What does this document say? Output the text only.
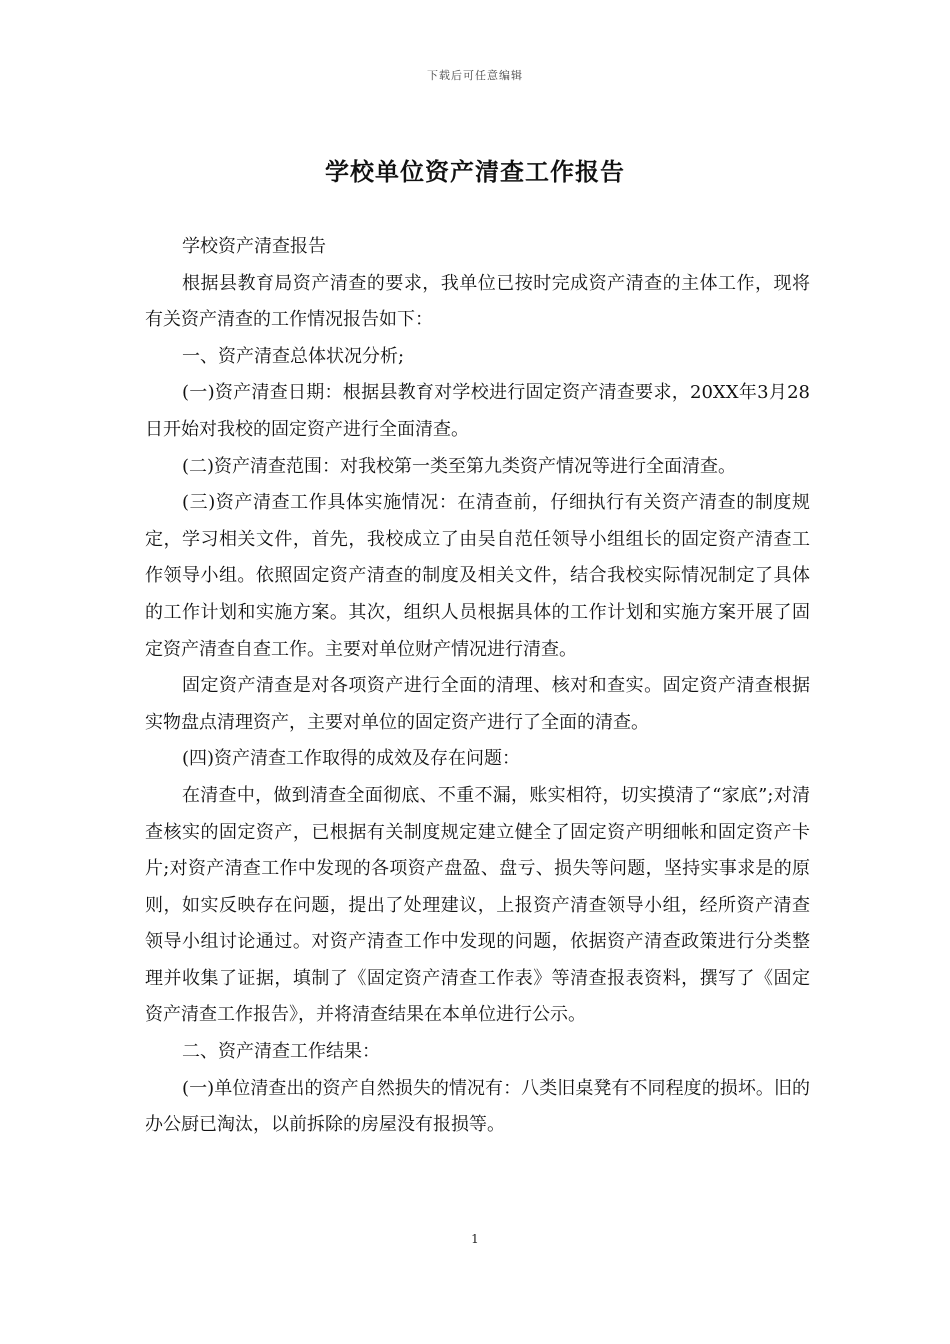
下载后可任意编辑
学校单位资产清查工作报告

学校资产清查报告

根据县教育局资产清查的要求，我单位已按时完成资产清查的主体工作，现将有关资产清查的工作情况报告如下：

一、资产清查总体状况分析;

(一)资产清查日期：根据县教育对学校进行固定资产清查要求，20XX年3月28日开始对我校的固定资产进行全面清查。

(二)资产清查范围：对我校第一类至第九类资产情况等进行全面清查。

(三)资产清查工作具体实施情况：在清查前，仔细执行有关资产清查的制度规定，学习相关文件，首先，我校成立了由吴自范任领导小组组长的固定资产清查工作领导小组。依照固定资产清查的制度及相关文件，结合我校实际情况制定了具体的工作计划和实施方案。其次，组织人员根据具体的工作计划和实施方案开展了固定资产清查自查工作。主要对单位财产情况进行清查。

固定资产清查是对各项资产进行全面的清理、核对和查实。固定资产清查根据实物盘点清理资产，主要对单位的固定资产进行了全面的清查。

(四)资产清查工作取得的成效及存在问题：

在清查中，做到清查全面彻底、不重不漏，账实相符，切实摸清了“家底”;对清查核实的固定资产，已根据有关制度规定建立健全了固定资产明细帐和固定资产卡片;对资产清查工作中发现的各项资产盘盈、盘亏、损失等问题，坚持实事求是的原则，如实反映存在问题，提出了处理建议，上报资产清查领导小组，经所资产清查领导小组讨论通过。对资产清查工作中发现的问题，依据资产清查政策进行分类整理并收集了证据，填制了《固定资产清查工作表》等清查报表资料，撰写了《固定资产清查工作报告》，并将清查结果在本单位进行公示。

二、资产清查工作结果：

(一)单位清查出的资产自然损失的情况有：八类旧桌凳有不同程度的损坏。旧的办公厨已淘汰，以前拆除的房屋没有报损等。

1
